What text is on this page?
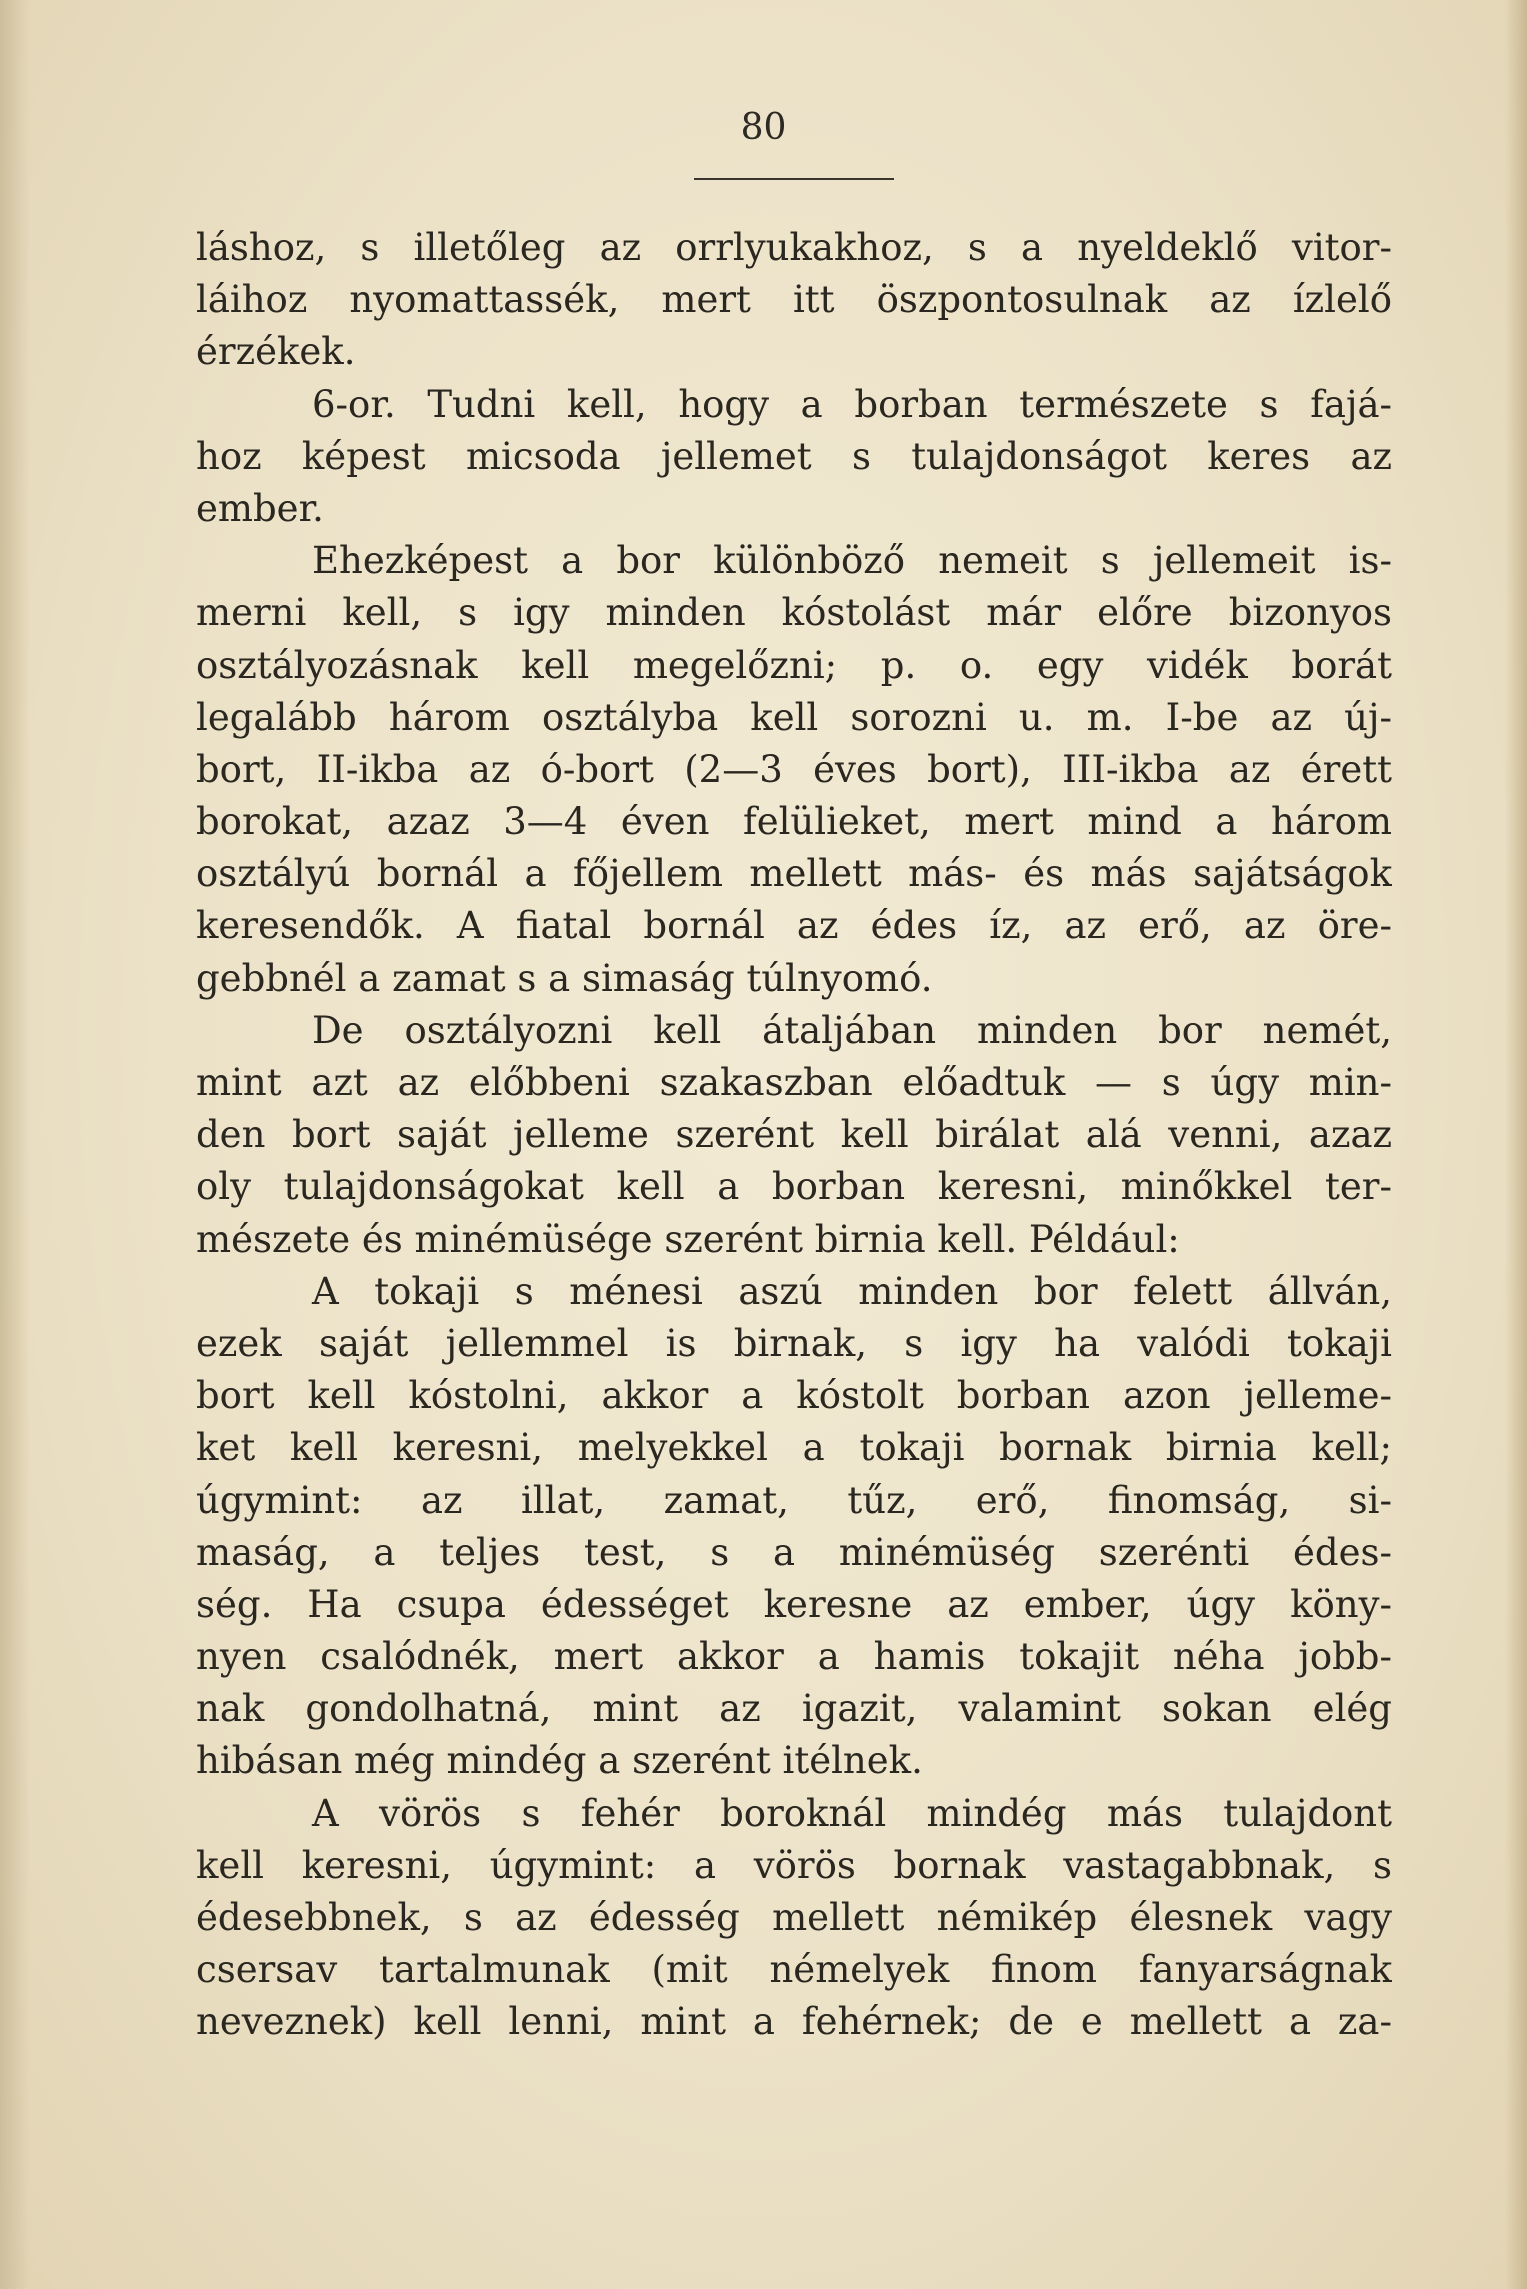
80
láshoz, s illetőleg az orrlyukakhoz, s a nyeldeklő vitor-
láihoz nyomattassék, mert itt öszpontosulnak az ízlelő
érzékek.
6-or. Tudni kell, hogy a borban természete s fajá-
hoz képest micsoda jellemet s tulajdonságot keres az
ember.
Ehezképest a bor különböző nemeit s jellemeit is-
merni kell, s igy minden kóstolást már előre bizonyos
osztályozásnak kell megelőzni; p. o. egy vidék borát
legalább három osztályba kell sorozni u. m. I-be az új-
bort, II-ikba az ó-bort (2—3 éves bort), III-ikba az érett
borokat, azaz 3—4 éven felülieket, mert mind a három
osztályú bornál a főjellem mellett más- és más sajátságok
keresendők. A fiatal bornál az édes íz, az erő, az öre-
gebbnél a zamat s a simaság túlnyomó.
De osztályozni kell átaljában minden bor nemét,
mint azt az előbbeni szakaszban előadtuk — s úgy min-
den bort saját jelleme szerént kell birálat alá venni, azaz
oly tulajdonságokat kell a borban keresni, minőkkel ter-
mészete és minémüsége szerént birnia kell. Például:
A tokaji s ménesi aszú minden bor felett állván,
ezek saját jellemmel is birnak, s igy ha valódi tokaji
bort kell kóstolni, akkor a kóstolt borban azon jelleme-
ket kell keresni, melyekkel a tokaji bornak birnia kell;
úgymint: az illat, zamat, tűz, erő, finomság, si-
maság, a teljes test, s a minémüség szerénti édes-
ség. Ha csupa édességet keresne az ember, úgy köny-
nyen csalódnék, mert akkor a hamis tokajit néha jobb-
nak gondolhatná, mint az igazit, valamint sokan elég
hibásan még mindég a szerént itélnek.
A vörös s fehér boroknál mindég más tulajdont
kell keresni, úgymint: a vörös bornak vastagabbnak, s
édesebbnek, s az édesség mellett némikép élesnek vagy
csersav tartalmunak (mit némelyek finom fanyarságnak
neveznek) kell lenni, mint a fehérnek; de e mellett a za-
